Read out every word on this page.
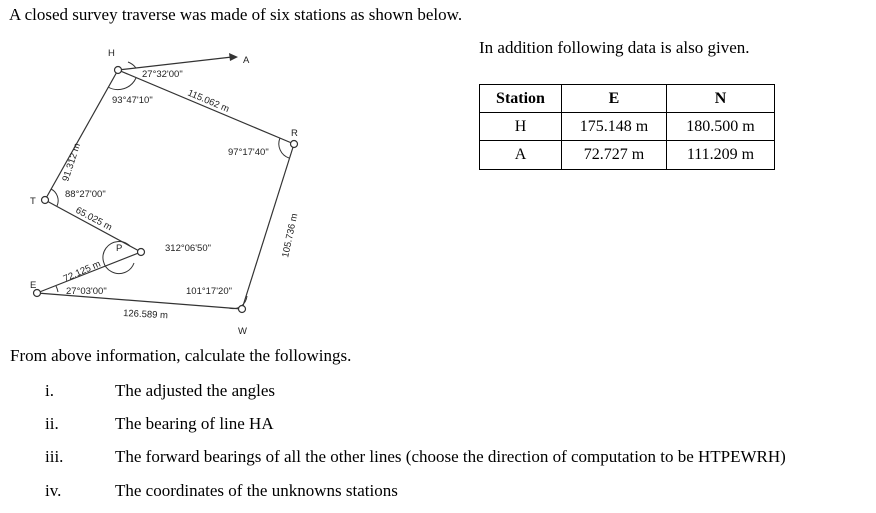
A closed survey traverse was made of six stations as shown below.

In addition following data is also given.

Station	E	N
H	175.148 m	180.500 m
A	72.727 m	111.209 m
H
A
R
T
P
E
W
27°32'00"
93°47'10"
97°17'40"
88°27'00"
312°06'50"
27°03'00"	101°17'20"
115.062 m
91.312 m
65.025 m
72.125 m
126.589 m
105.736 m

From above information, calculate the followings.

i.	The adjusted the angles
ii.	The bearing of line HA
iii.	The forward bearings of all the other lines (choose the direction of computation to be HTPEWRH)
iv.	The coordinates of the unknowns stations
